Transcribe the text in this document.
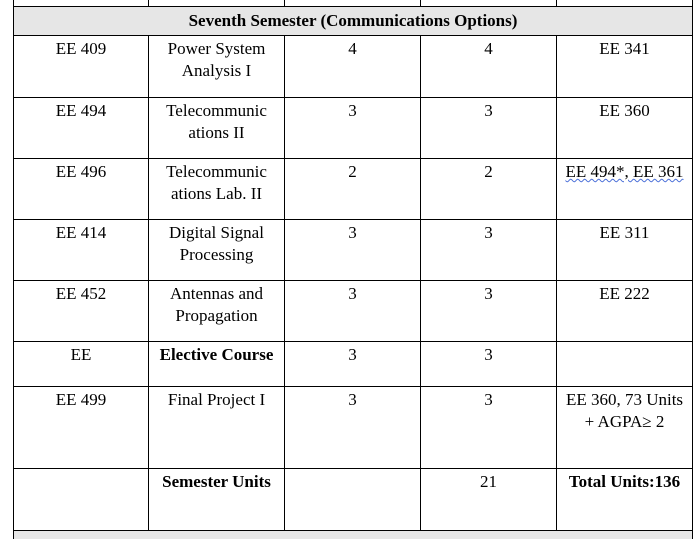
Seventh Semester (Communications Options)				

EE 409	Power System Analysis I	4	4	EE 341

EE 494	Telecommunic ations II	3	3	EE 360

EE 496	Telecommunic ations Lab. II	2	2	EE 494*, EE 361

EE 414	Digital Signal Processing	3	3	EE 311

EE 452	Antennas and Propagation	3	3	EE 222

EE	Elective Course	3	3	

EE 499	Final Project I	3	3	EE 360, 73 Units + AGPA≥ 2

	Semester Units		21	Total Units:136
